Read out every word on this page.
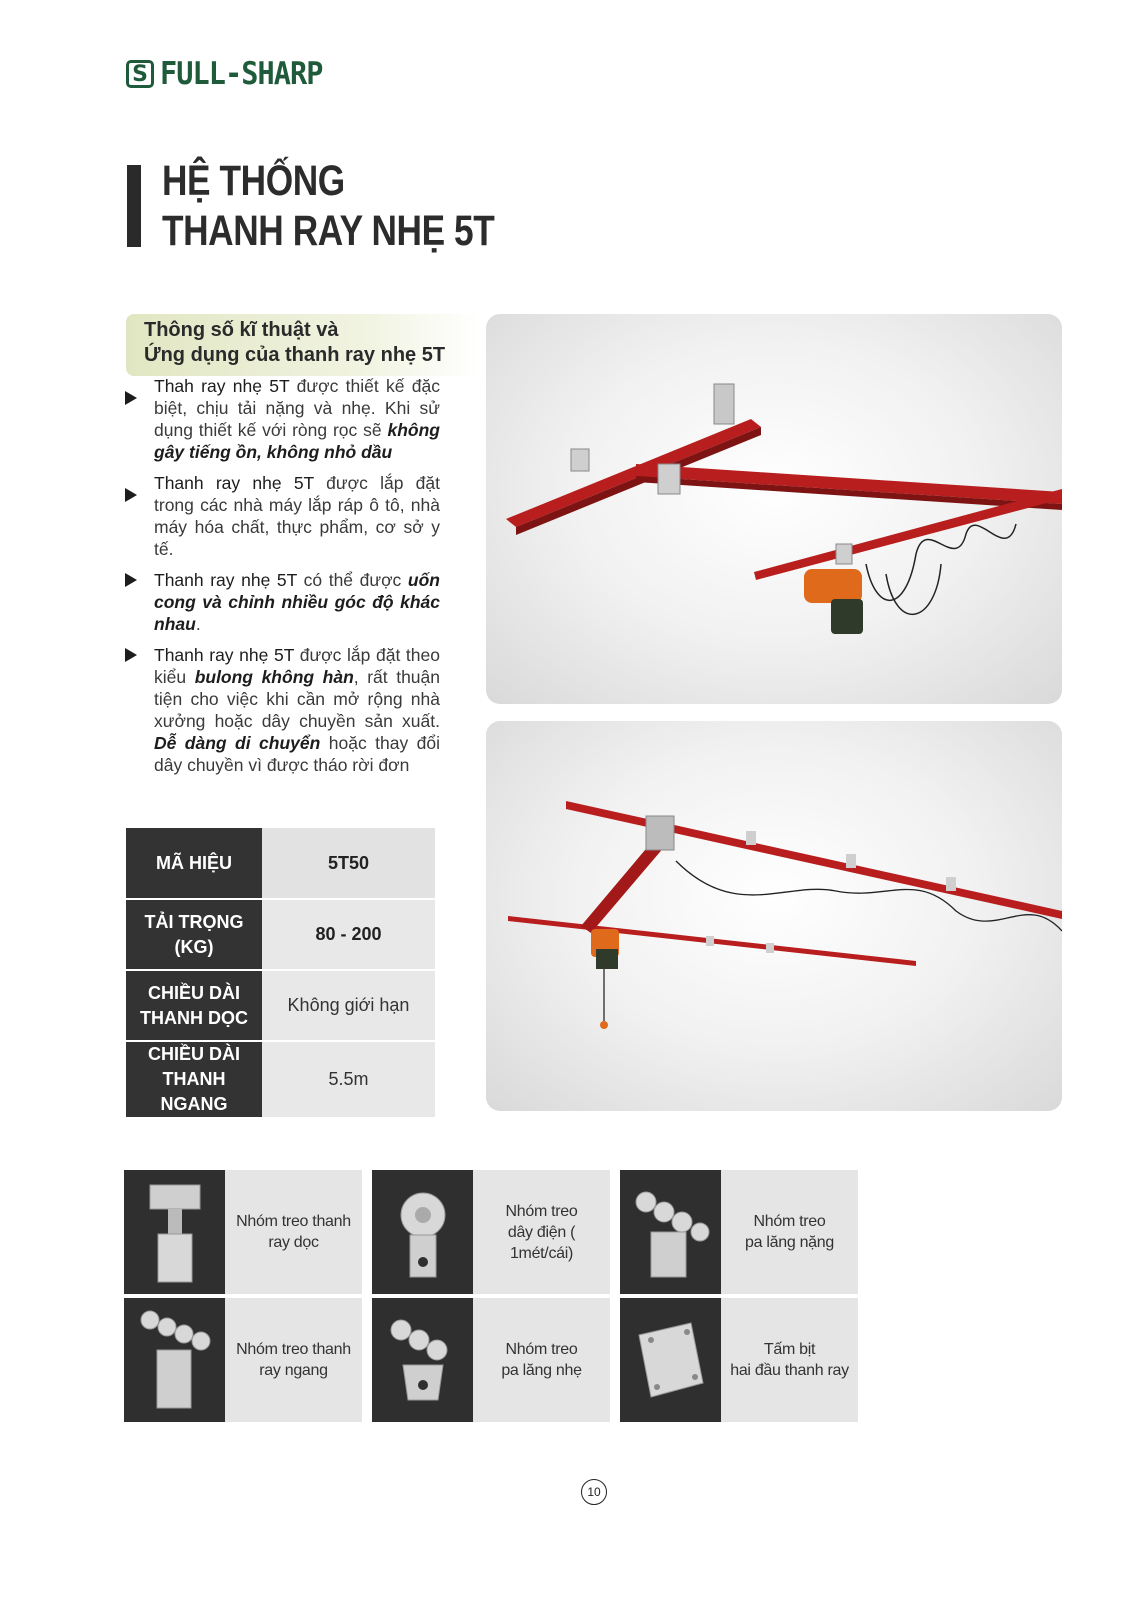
S FULL-SHARP
HỆ THỐNG
THANH RAY NHẸ 5T
Thông số kĩ thuật và
Ứng dụng của thanh ray nhẹ 5T
Thah ray nhẹ 5T được thiết kế đặc biệt, chịu tải nặng và nhẹ. Khi sử dụng thiết kế với ròng rọc sẽ không gây tiếng ồn, không nhỏ dầu
Thanh ray nhẹ 5T được lắp đặt trong các nhà máy lắp ráp ô tô, nhà máy hóa chất, thực phẩm, cơ sở y tế.
Thanh ray nhẹ 5T có thể được uốn cong và chỉnh nhiều góc độ khác nhau.
Thanh ray nhẹ 5T được lắp đặt theo kiểu bulong không hàn, rất thuận tiện cho việc khi cần mở rộng nhà xưởng hoặc dây chuyền sản xuất. Dễ dàng di chuyển hoặc thay đổi dây chuyền vì được tháo rời đơn
MÃ HIỆU	5T50
TẢI TRỌNG (KG)	80 - 200
CHIỀU DÀI THANH DỌC	Không giới hạn
CHIỀU DÀI THANH NGANG	5.5m
Nhóm treo thanh
ray dọc
Nhóm treo
dây điện ( 1mét/cái)
Nhóm treo
pa lăng nặng
Nhóm treo thanh
ray ngang
Nhóm treo
pa lăng nhẹ
Tấm bịt
hai đầu thanh ray
10
